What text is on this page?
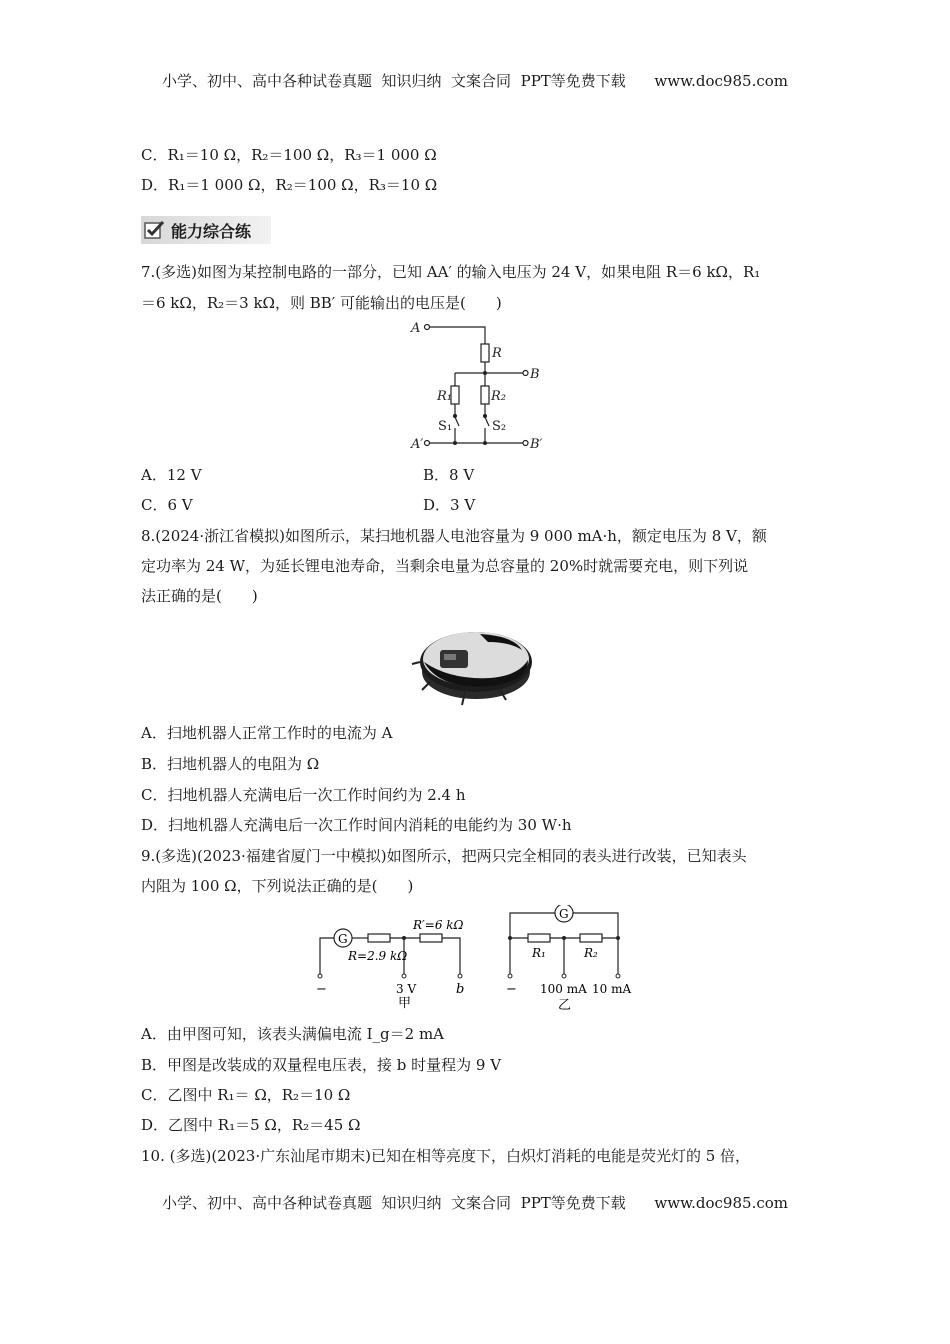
小学、初中、高中各种试卷真题  知识归纳  文案合同  PPT等免费下载      www.doc985.com
C．R₁＝10 Ω，R₂＝100 Ω，R₃＝1 000 Ω
D．R₁＝1 000 Ω，R₂＝100 Ω，R₃＝10 Ω
能力综合练
7.(多选)如图为某控制电路的一部分，已知 AA′ 的输入电压为 24 V，如果电阻 R＝6 kΩ，R₁
＝6 kΩ，R₂＝3 kΩ，则 BB′ 可能输出的电压是(　　)
A
R
B
R₁	R₂
A′	B′
S₁	S₂
A．12 V	B．8 V
C．6 V	D．3 V
8.(2024·浙江省模拟)如图所示，某扫地机器人电池容量为 9 000 mA·h，额定电压为 8 V，额
定功率为 24 W，为延长锂电池寿命，当剩余电量为总容量的 20%时就需要充电，则下列说
法正确的是(　　)
A．扫地机器人正常工作时的电流为 A
B．扫地机器人的电阻为 Ω
C．扫地机器人充满电后一次工作时间约为 2.4 h
D．扫地机器人充满电后一次工作时间内消耗的电能约为 30 W·h
9.(多选)(2023·福建省厦门一中模拟)如图所示，把两只完全相同的表头进行改装，已知表头
内阻为 100 Ω，下列说法正确的是(　　)
G
R=2.9 kΩ
R′=6 kΩ
−	3 V	b
甲
G
R₁	R₂
− 100 mA 10 mA
乙
A．由甲图可知，该表头满偏电流 I_g＝2 mA
B．甲图是改装成的双量程电压表，接 b 时量程为 9 V
C．乙图中 R₁＝ Ω，R₂＝10 Ω
D．乙图中 R₁＝5 Ω，R₂＝45 Ω
10. (多选)(2023·广东汕尾市期末)已知在相等亮度下，白炽灯消耗的电能是荧光灯的 5 倍，
小学、初中、高中各种试卷真题  知识归纳  文案合同  PPT等免费下载      www.doc985.com
